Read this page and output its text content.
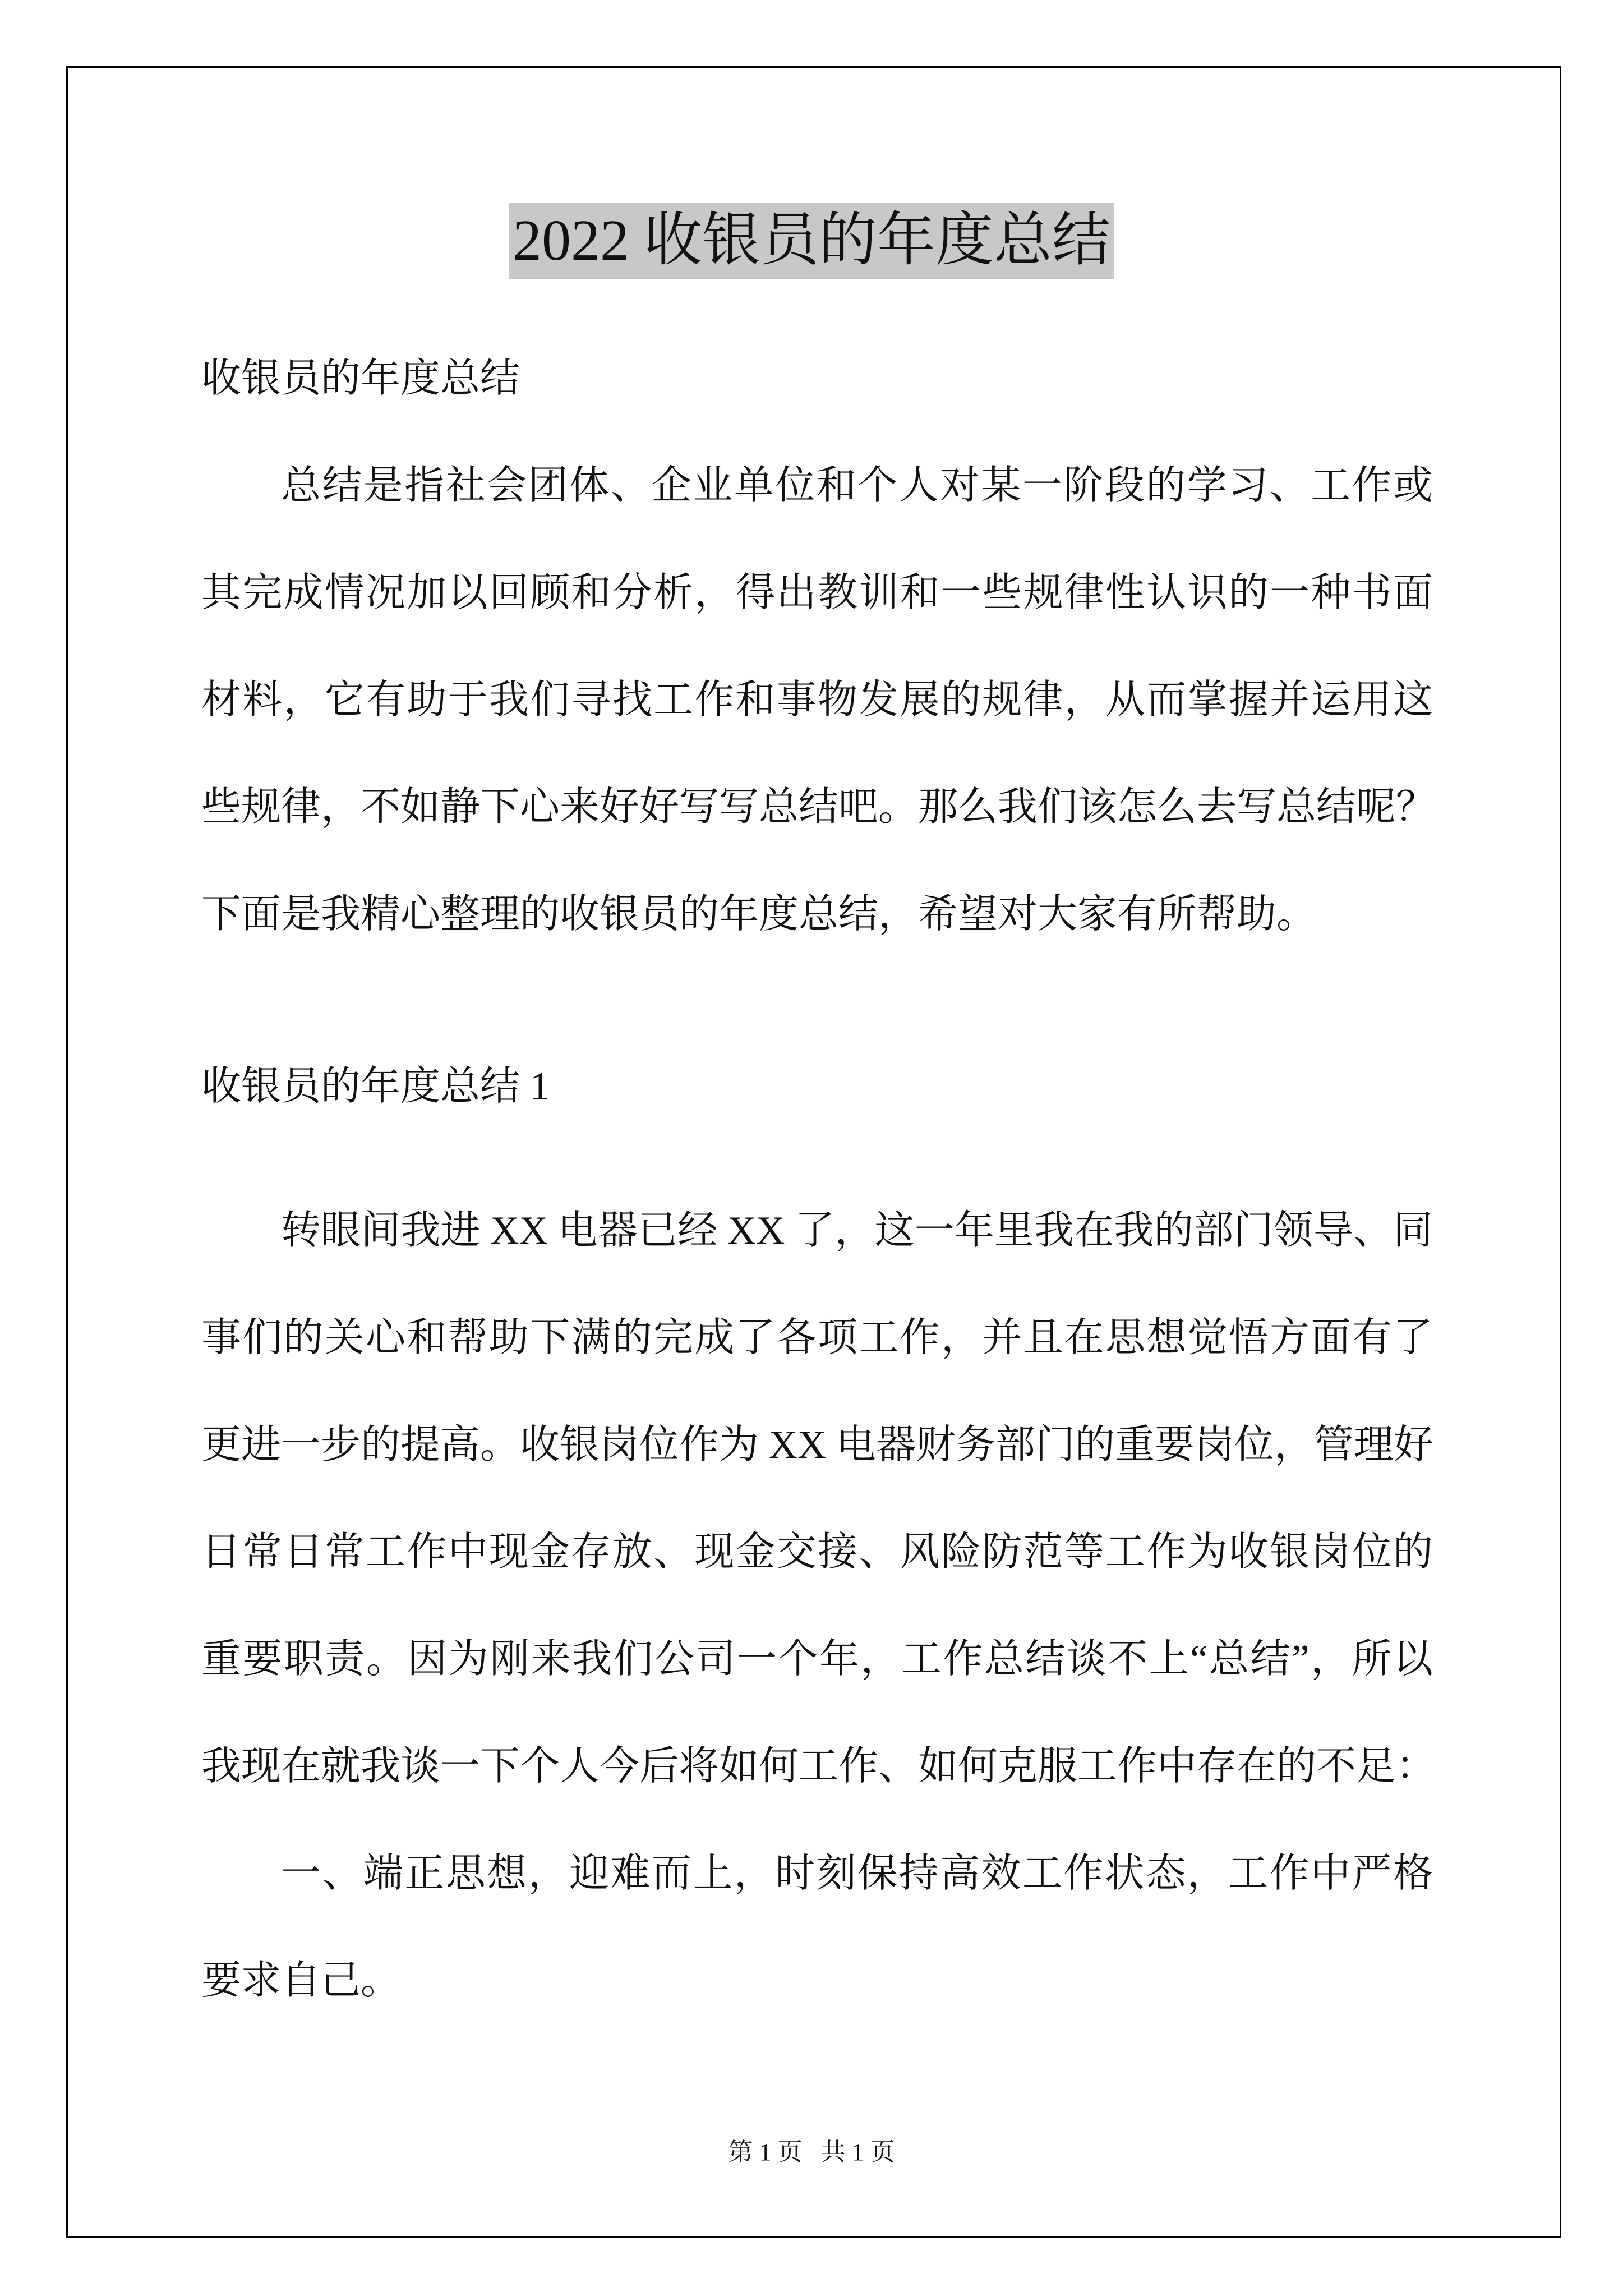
2022 收银员的年度总结
收银员的年度总结
总结是指社会团体、企业单位和个人对某一阶段的学习、工作或
其完成情况加以回顾和分析，得出教训和一些规律性认识的一种书面
材料，它有助于我们寻找工作和事物发展的规律，从而掌握并运用这
些规律，不如静下心来好好写写总结吧。那么我们该怎么去写总结呢？
下面是我精心整理的收银员的年度总结，希望对大家有所帮助。
收银员的年度总结 1
转眼间我进 XX 电器已经 XX 了，这一年里我在我的部门领导、同
事们的关心和帮助下满的完成了各项工作，并且在思想觉悟方面有了
更进一步的提高。收银岗位作为 XX 电器财务部门的重要岗位，管理好
日常日常工作中现金存放、现金交接、风险防范等工作为收银岗位的
重要职责。因为刚来我们公司一个年，工作总结谈不上“总结”，所以
我现在就我谈一下个人今后将如何工作、如何克服工作中存在的不足：
一、端正思想，迎难而上，时刻保持高效工作状态，工作中严格
要求自己。
第 1 页   共 1 页
